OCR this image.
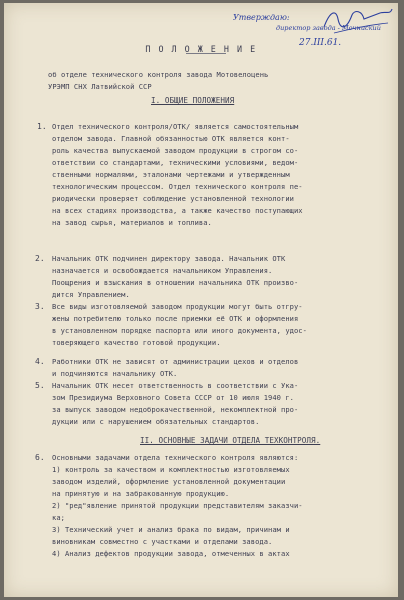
Утверждаю:
директор завода - Мочниский
27.III.61.
П О Л О Ж Е Н И Е
об отделе технического контроля завода Мотовелоцень
УРЭМП СНХ Латвийской ССР
I. ОБЩИЕ ПОЛОЖЕНИЯ
1. Отдел технического контроля/ОТК/ является самостоятельным
отделом завода. Главной обязанностью ОТК является конт-
роль качества выпускаемой заводом продукции в строгом со-
ответствии со стандартами, техническими условиями, ведом-
ственными нормалями, эталонами чертежами и утвержденным
технологическим процессом. Отдел технического контроля пе-
риодически проверяет соблюдение установленной технологии
на всех стадиях производства, а также качество поступающих
на завод сырья, материалов и топлива.
2. Начальник ОТК подчинен директору завода. Начальник ОТК
назначается и освобождается начальником Управления.
Поощрения и взыскания в отношении начальника ОТК произво-
дится Управлением.
3. Все виды изготовляемой заводом продукции могут быть отгру-
жены потребителю только после приемки её ОТК и оформления
в установленном порядке паспорта или иного документа, удос-
товеряющего качество готовой продукции.
4. Работники ОТК не зависят от администрации цехов и отделов
и подчиняются начальнику ОТК.
5. Начальник ОТК несет ответственность в соответствии с Ука-
зом Президиума Верховного Совета СССР от 10 июля 1940 г.
за выпуск заводом недоброкачественной, некомплектной про-
дукции или с нарушением обязательных стандартов.
II. ОСНОВНЫЕ ЗАДАЧИ ОТДЕЛА ТЕХКОНТРОЛЯ.
6. Основными задачами отдела технического контроля являются:
1) контроль за качеством и комплектностью изготовляемых
заводом изделий, оформление установленной документации
на принятую и на забракованную продукцию.
2) "ред"явление принятой продукции представителям заказчи-
ка;
3) Технический учет и анализ брака по видам, причинам и
виновникам совместно с участками и отделами завода.
4) Анализ дефектов продукции завода, отмеченных в актах
